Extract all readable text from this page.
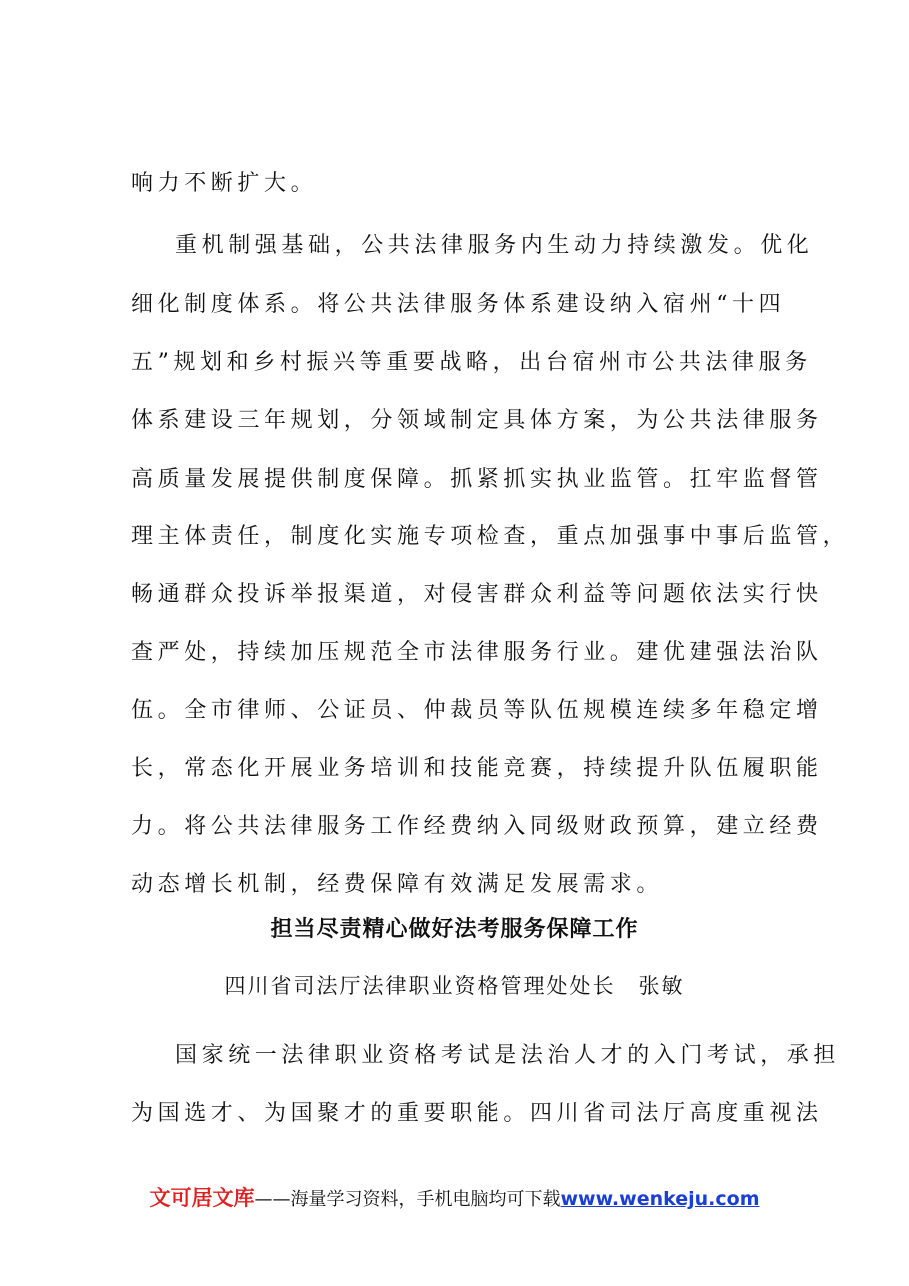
响力不断扩大。
重机制强基础，公共法律服务内生动力持续激发。优化
细化制度体系。将公共法律服务体系建设纳入宿州“十四
五”规划和乡村振兴等重要战略，出台宿州市公共法律服务
体系建设三年规划，分领域制定具体方案，为公共法律服务
高质量发展提供制度保障。抓紧抓实执业监管。扛牢监督管
理主体责任，制度化实施专项检查，重点加强事中事后监管，
畅通群众投诉举报渠道，对侵害群众利益等问题依法实行快
查严处，持续加压规范全市法律服务行业。建优建强法治队
伍。全市律师、公证员、仲裁员等队伍规模连续多年稳定增
长，常态化开展业务培训和技能竞赛，持续提升队伍履职能
力。将公共法律服务工作经费纳入同级财政预算，建立经费
动态增长机制，经费保障有效满足发展需求。
担当尽责精心做好法考服务保障工作
四川省司法厅法律职业资格管理处处长　张敏
国家统一法律职业资格考试是法治人才的入门考试，承担
为国选才、为国聚才的重要职能。四川省司法厅高度重视法
文可居文库——海量学习资料，手机电脑均可下载www.wenkeju.com
